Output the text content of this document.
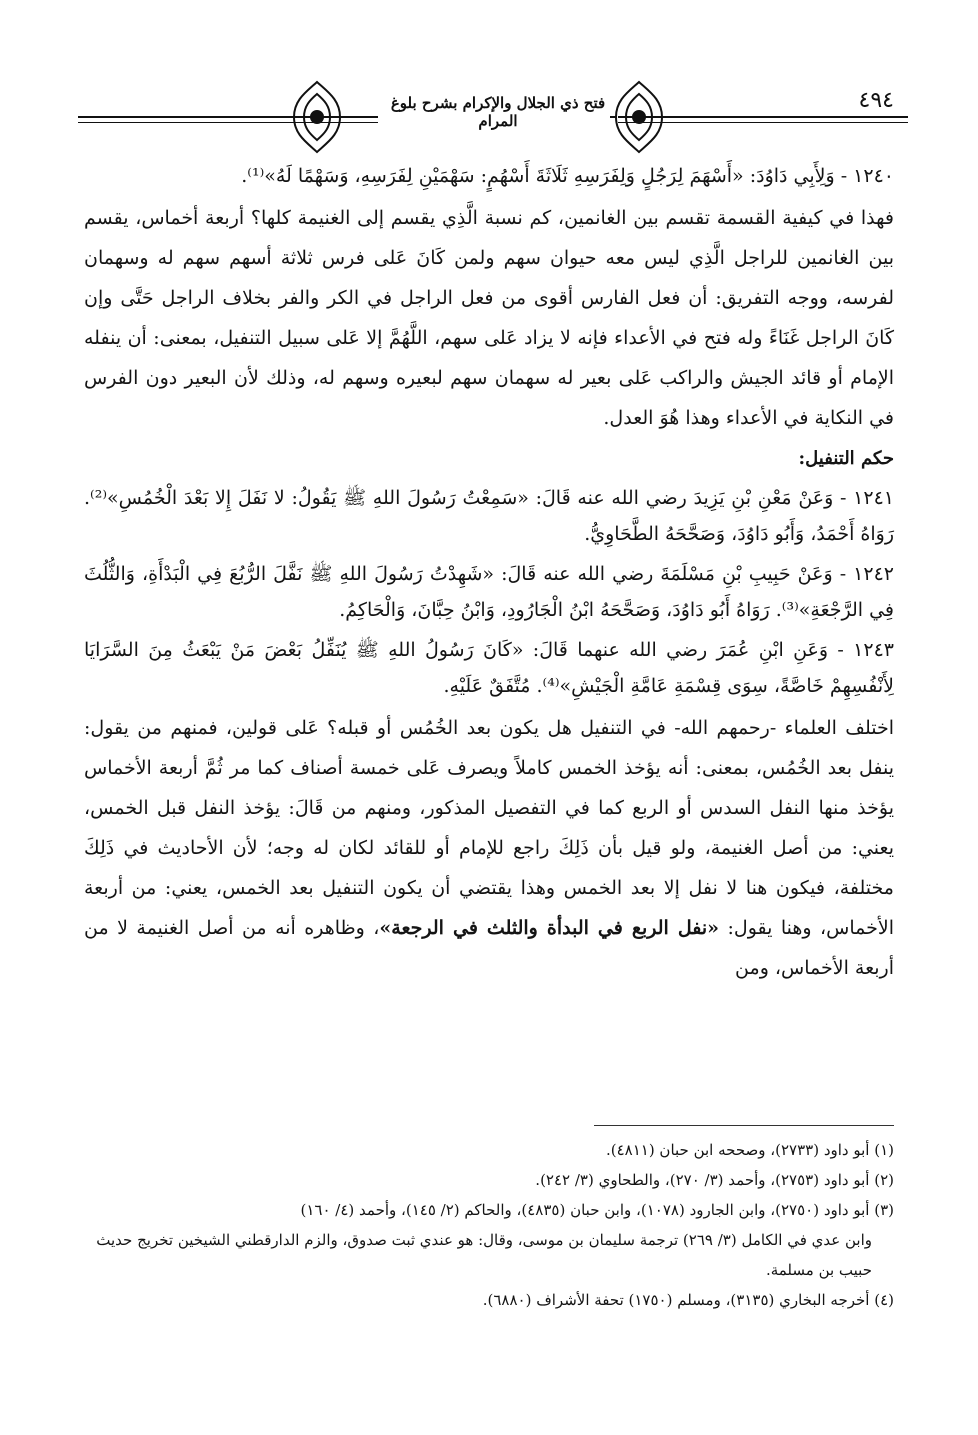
٤٩٤
فتح ذي الجلال والإكرام بشرح بلوغ المرام

١٢٤٠ - وَلِأَبِي دَاوُدَ: «أَسْهَمَ لِرَجُلٍ وَلِفَرَسِهِ ثَلَاثَةَ أَسْهُمٍ: سَهْمَيْنِ لِفَرَسِهِ، وَسَهْمًا لَهُ»⁽¹⁾.

فهذا في كيفية القسمة تقسم بين الغانمين، كم نسبة الَّذِي يقسم إلى الغنيمة كلها؟ أربعة أخماس، يقسم بين الغانمين للراجل الَّذِي ليس معه حيوان سهم ولمن كَانَ عَلى فرس ثلاثة أسهم سهم له وسهمان لفرسه، ووجه التفريق: أن فعل الفارس أقوى من فعل الراجل في الكر والفر بخلاف الراجل حَتَّى وإن كَانَ الراجل غَنَاءً وله فتح في الأعداء فإنه لا يزاد عَلى سهم، اللَّهُمَّ إلا عَلى سبيل التنفيل، بمعنى: أن ينفله الإمام أو قائد الجيش والراكب عَلى بعير له سهمان سهم لبعيره وسهم له، وذلك لأن البعير دون الفرس في النكاية في الأعداء وهذا هُوَ العدل.

حكم التنفيل:

١٢٤١ - وَعَنْ مَعْنِ بْنِ يَزِيدَ رضي الله عنه قَالَ: «سَمِعْتُ رَسُولَ اللهِ ﷺ يَقُولُ: لا نَفَلَ إِلا بَعْدَ الْخُمُسِ»⁽²⁾. رَوَاهُ أَحْمَدُ، وَأَبُو دَاوُدَ، وَصَحَّحَهُ الطَّحَاوِيُّ.

١٢٤٢ - وَعَنْ حَبِيبِ بْنِ مَسْلَمَةَ رضي الله عنه قَالَ: «شَهِدْتُ رَسُولَ اللهِ ﷺ نَفَّلَ الرُّبُعَ فِي الْبَدْأَةِ، وَالثُّلُثَ فِي الرَّجْعَةِ»⁽³⁾. رَوَاهُ أَبُو دَاوُدَ، وَصَحَّحَهُ ابْنُ الْجَارُودِ، وَابْنُ حِبَّانَ، وَالْحَاكِمُ.

١٢٤٣ - وَعَنِ ابْنِ عُمَرَ رضي الله عنهما قَالَ: «كَانَ رَسُولُ اللهِ ﷺ يُنَفِّلُ بَعْضَ مَنْ يَبْعَثُ مِنَ السَّرَايَا لِأَنْفُسِهِمْ خَاصَّةً، سِوَى قِسْمَةِ عَامَّةِ الْجَيْشِ»⁽⁴⁾. مُتَّفَقٌ عَلَيْهِ.

اختلف العلماء -رحمهم الله- في التنفيل هل يكون بعد الخُمُس أو قبله؟ عَلى قولين، فمنهم من يقول: ينفل بعد الخُمُس، بمعنى: أنه يؤخذ الخمس كاملاً ويصرف عَلى خمسة أصناف كما مر ثُمَّ أربعة الأخماس يؤخذ منها النفل السدس أو الربع كما في التفصيل المذكور، ومنهم من قَالَ: يؤخذ النفل قبل الخمس، يعني: من أصل الغنيمة، ولو قيل بأن ذَلِكَ راجع للإمام أو للقائد لكان له وجه؛ لأن الأحاديث في ذَلِكَ مختلفة، فيكون هنا لا نفل إلا بعد الخمس وهذا يقتضي أن يكون التنفيل بعد الخمس، يعني: من أربعة الأخماس، وهنا يقول: «نفل الربع في البدأة والثلث في الرجعة»، وظاهره أنه من أصل الغنيمة لا من أربعة الأخماس، ومن

(١) أبو داود (٢٧٣٣)، وصححه ابن حبان (٤٨١١).

(٢) أبو داود (٢٧٥٣)، وأحمد (٣/ ٢٧٠)، والطحاوي (٣/ ٢٤٢).

(٣) أبو داود (٢٧٥٠)، وابن الجارود (١٠٧٨)، وابن حبان (٤٨٣٥)، والحاكم (٢/ ١٤٥)، وأحمد (٤/ ١٦٠)

وابن عدي في الكامل (٣/ ٢٦٩) ترجمة سليمان بن موسى، وقال: هو عندي ثبت صدوق، والزم الدارقطني الشيخين تخريج حديث حبيب بن مسلمة.

(٤) أخرجه البخاري (٣١٣٥)، ومسلم (١٧٥٠) تحفة الأشراف (٦٨٨٠).
